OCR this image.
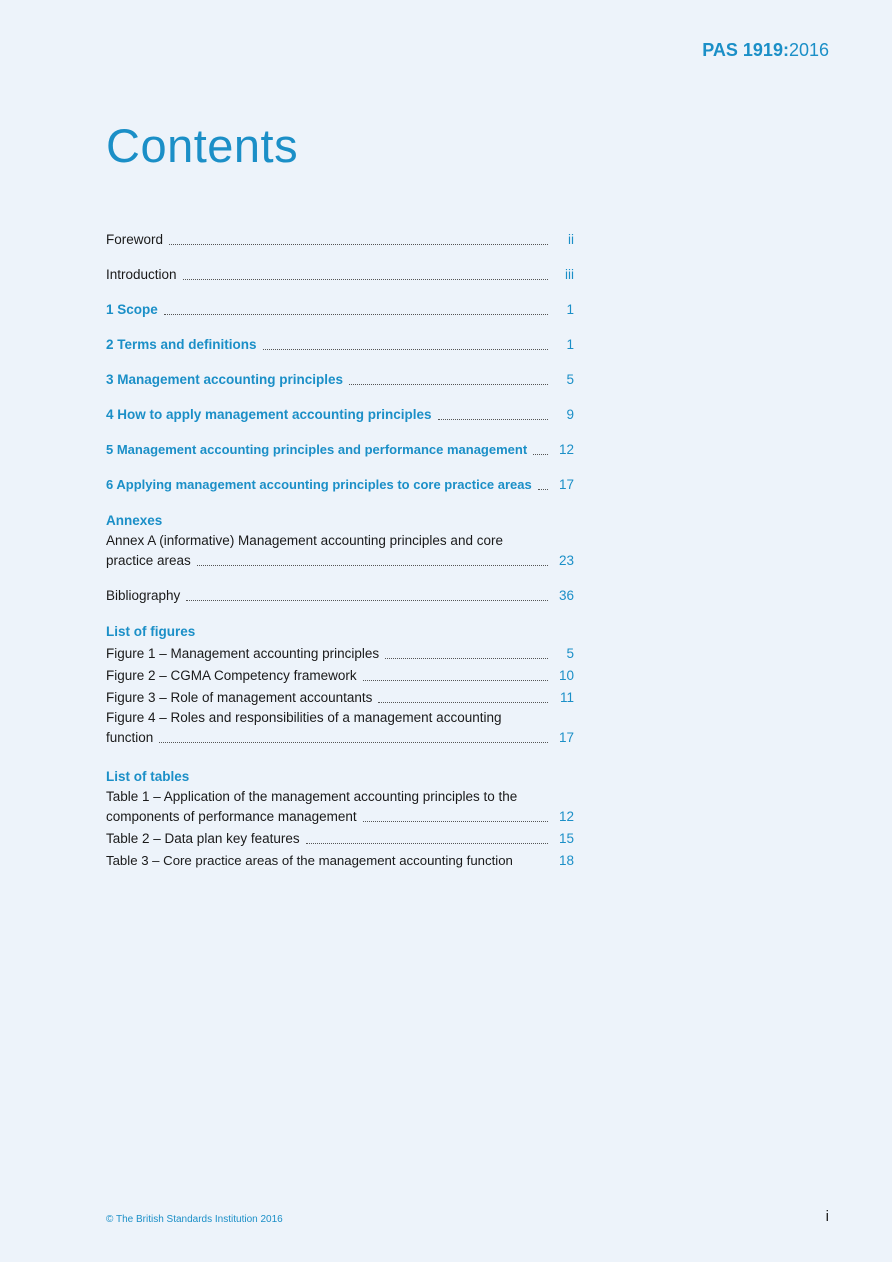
PAS 1919:2016
Contents
Foreword	ii
Introduction	iii
1 Scope	1
2 Terms and definitions	1
3 Management accounting principles	5
4 How to apply management accounting principles	9
5 Management accounting principles and performance management	12
6 Applying management accounting principles to core practice areas	17
Annexes
Annex A (informative) Management accounting principles and core
practice areas	23
Bibliography	36
List of figures
Figure 1 – Management accounting principles	5
Figure 2 – CGMA Competency framework	10
Figure 3 – Role of management accountants	11
Figure 4 – Roles and responsibilities of a management accounting
function	17
List of tables
Table 1 – Application of the management accounting principles to the
components of performance management	12
Table 2 – Data plan key features	15
Table 3 – Core practice areas of the management accounting function	18
© The British Standards Institution 2016	i
